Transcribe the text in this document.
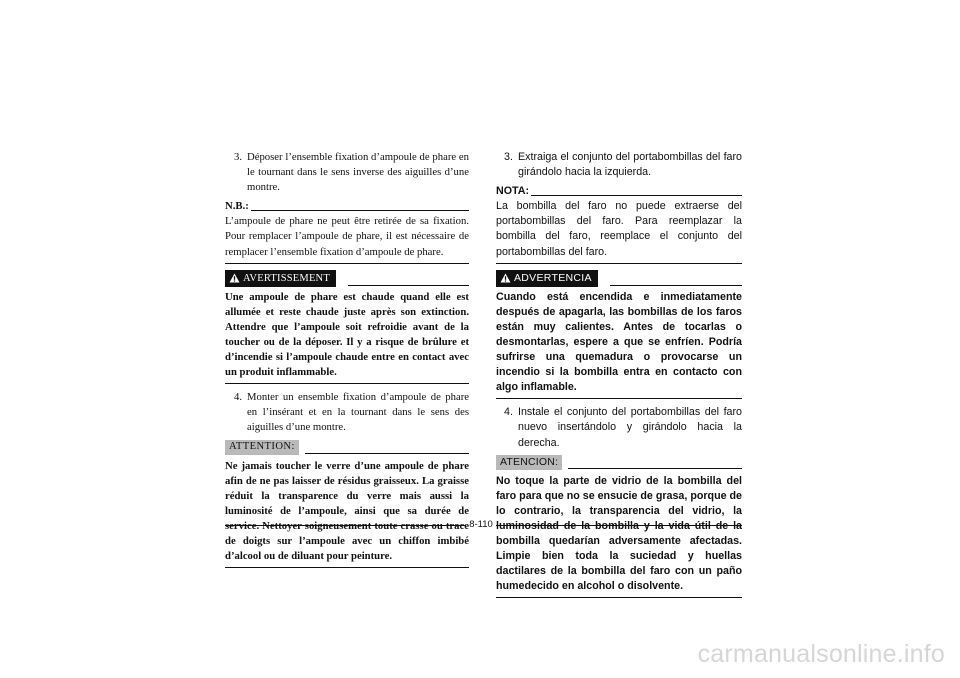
3. Déposer l’ensemble fixation d’ampoule de phare en le tournant dans le sens inverse des aiguilles d’une montre.
N.B.:
L’ampoule de phare ne peut être retirée de sa fixation. Pour remplacer l’ampoule de phare, il est nécessaire de remplacer l’ensemble fixation d’ampoule de phare.
AVERTISSEMENT
Une ampoule de phare est chaude quand elle est allumée et reste chaude juste après son extinction. Attendre que l’ampoule soit refroidie avant de la toucher ou de la déposer. Il y a risque de brûlure et d’incendie si l’ampoule chaude entre en contact avec un produit inflammable.
4. Monter un ensemble fixation d’ampoule de phare en l’insérant et en la tournant dans le sens des aiguilles d’une montre.
ATTENTION:
Ne jamais toucher le verre d’une ampoule de phare afin de ne pas laisser de résidus graisseux. La graisse réduit la transparence du verre mais aussi la luminosité de l’ampoule, ainsi que sa durée de service. Nettoyer soigneusement toute crasse ou trace de doigts sur l’ampoule avec un chiffon imbibé d’alcool ou de diluant pour peinture.
3. Extraiga el conjunto del portabombillas del faro girándolo hacia la izquierda.
NOTA:
La bombilla del faro no puede extraerse del portabombillas del faro. Para reemplazar la bombilla del faro, reemplace el conjunto del portabombillas del faro.
ADVERTENCIA
Cuando está encendida e inmediatamente después de apagarla, las bombillas de los faros están muy calientes. Antes de tocarlas o desmontarlas, espere a que se enfríen. Podría sufrirse una quemadura o provocarse un incendio si la bombilla entra en contacto con algo inflamable.
4. Instale el conjunto del portabombillas del faro nuevo insertándolo y girándolo hacia la derecha.
ATENCION:
No toque la parte de vidrio de la bombilla del faro para que no se ensucie de grasa, porque de lo contrario, la transparencia del vidrio, la luminosidad de la bombilla y la vida útil de la bombilla quedarían adversamente afectadas. Limpie bien toda la suciedad y huellas dactilares de la bombilla del faro con un paño humedecido en alcohol o disolvente.
8-110
carmanualsonline.info
